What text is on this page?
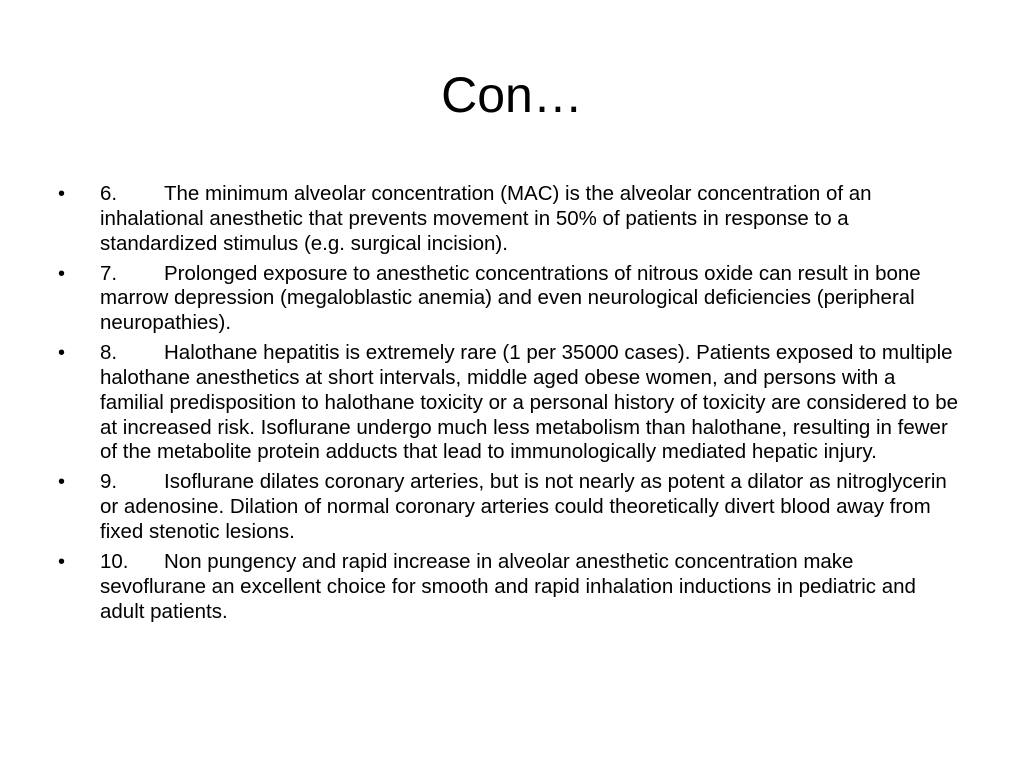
Con…
•	6. The minimum alveolar concentration (MAC) is the alveolar concentration of an inhalational anesthetic that prevents movement in 50% of patients in response to a standardized stimulus (e.g. surgical incision).
•	7. Prolonged exposure to anesthetic concentrations of nitrous oxide can result in bone marrow depression (megaloblastic anemia) and even neurological deficiencies (peripheral neuropathies).
•	8. Halothane hepatitis is extremely rare (1 per 35000 cases). Patients exposed to multiple halothane anesthetics at short intervals, middle aged obese women, and persons with a familial predisposition to halothane toxicity or a personal history of toxicity are considered to be at increased risk. Isoflurane undergo much less metabolism than halothane, resulting in fewer of the metabolite protein adducts that lead to immunologically mediated hepatic injury.
•	9. Isoflurane dilates coronary arteries, but is not nearly as potent a dilator as nitroglycerin or adenosine. Dilation of normal coronary arteries could theoretically divert blood away from fixed stenotic lesions.
•	10. Non pungency and rapid increase in alveolar anesthetic concentration make sevoflurane an excellent choice for smooth and rapid inhalation inductions in pediatric and adult patients.
